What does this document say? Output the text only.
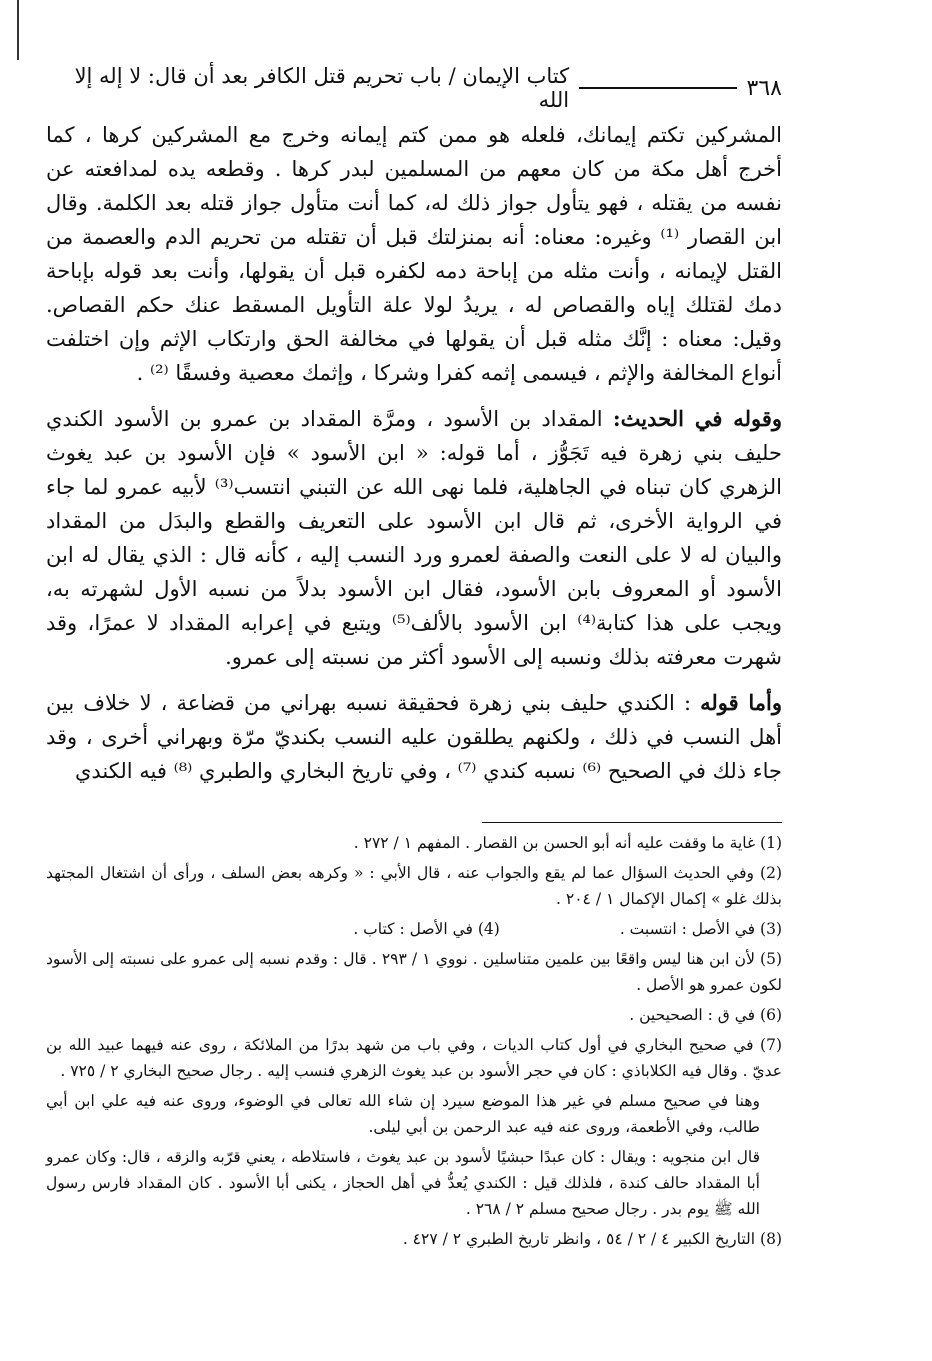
٣٦٨
كتاب الإيمان / باب تحريم قتل الكافر بعد أن قال: لا إله إلا الله

المشركين تكتم إيمانك، فلعله هو ممن كتم إيمانه وخرج مع المشركين كرها ، كما أخرج أهل مكة من كان معهم من المسلمين لبدر كرها . وقطعه يده لمدافعته عن نفسه من يقتله ، فهو يتأول جواز ذلك له، كما أنت متأول جواز قتله بعد الكلمة. وقال ابن القصار ⁽¹⁾ وغيره: معناه: أنه بمنزلتك قبل أن تقتله من تحريم الدم والعصمة من القتل لإيمانه ، وأنت مثله من إباحة دمه لكفره قبل أن يقولها، وأنت بعد قوله بإباحة دمك لقتلك إياه والقصاص له ، يريدُ لولا علة التأويل المسقط عنك حكم القصاص. وقيل: معناه : إنَّك مثله قبل أن يقولها في مخالفة الحق وارتكاب الإثم وإن اختلفت أنواع المخالفة والإثم ، فيسمى إثمه كفرا وشركا ، وإثمك معصية وفسقًا ⁽²⁾ .

وقوله في الحديث: المقداد بن الأسود ، ومرَّة المقداد بن عمرو بن الأسود الكندي حليف بني زهرة فيه تَجَوُّز ، أما قوله: « ابن الأسود » فإن الأسود بن عبد يغوث الزهري كان تبناه في الجاهلية، فلما نهى الله عن التبني انتسب⁽³⁾ لأبيه عمرو لما جاء في الرواية الأخرى، ثم قال ابن الأسود على التعريف والقطع والبدَل من المقداد والبيان له لا على النعت والصفة لعمرو ورد النسب إليه ، كأنه قال : الذي يقال له ابن الأسود أو المعروف بابن الأسود، فقال ابن الأسود بدلاً من نسبه الأول لشهرته به، ويجب على هذا كتابة⁽⁴⁾ ابن الأسود بالألف⁽⁵⁾ ويتبع في إعرابه المقداد لا عمرًا، وقد شهرت معرفته بذلك ونسبه إلى الأسود أكثر من نسبته إلى عمرو.

وأما قوله : الكندي حليف بني زهرة فحقيقة نسبه بهراني من قضاعة ، لا خلاف بين أهل النسب في ذلك ، ولكنهم يطلقون عليه النسب بكنديّ مرّة وبهراني أخرى ، وقد جاء ذلك في الصحيح ⁽⁶⁾ نسبه كندي ⁽⁷⁾ ، وفي تاريخ البخاري والطبري ⁽⁸⁾ فيه الكندي

(1) غاية ما وقفت عليه أنه أبو الحسن بن القصار . المفهم ١ / ٢٧٢ .

(2) وفي الحديث السؤال عما لم يقع والجواب عنه ، قال الأبي : « وكرهه بعض السلف ، ورأى أن اشتغال المجتهد بذلك غلو » إكمال الإكمال ١ / ٢٠٤ .

(3) في الأصل : انتسبت .

(4) في الأصل : كتاب .

(5) لأن ابن هنا ليس واقعًا بين علمين متناسلين . نووي ١ / ٢٩٣ . قال : وقدم نسبه إلى عمرو على نسبته إلى الأسود لكون عمرو هو الأصل .

(6) في ق : الصحيحين .

(7) في صحيح البخاري في أول كتاب الديات ، وفي باب من شهد بدرًا من الملائكة ، روى عنه فيهما عبيد الله بن عديّ . وقال فيه الكلاباذي : كان في حجر الأسود بن عبد يغوث الزهري فنسب إليه . رجال صحيح البخاري ٢ / ٧٢٥ .

وهنا في صحيح مسلم في غير هذا الموضع سيرد إن شاء الله تعالى في الوضوء، وروى عنه فيه علي ابن أبي طالب، وفي الأطعمة، وروى عنه فيه عبد الرحمن بن أبي ليلى.

قال ابن منجويه : ويقال : كان عبدًا حبشيًا لأسود بن عبد يغوث ، فاستلاطه ، يعني قرّبه والزقه ، قال: وكان عمرو أبا المقداد حالف كندة ، فلذلك قيل : الكندي يُعدُّ في أهل الحجاز ، يكنى أبا الأسود . كان المقداد فارس رسول الله ﷺ يوم بدر . رجال صحيح مسلم ٢ / ٢٦٨ .

(8) التاريخ الكبير ٤ / ٢ / ٥٤ ، وانظر تاريخ الطبري ٢ / ٤٢٧ .
